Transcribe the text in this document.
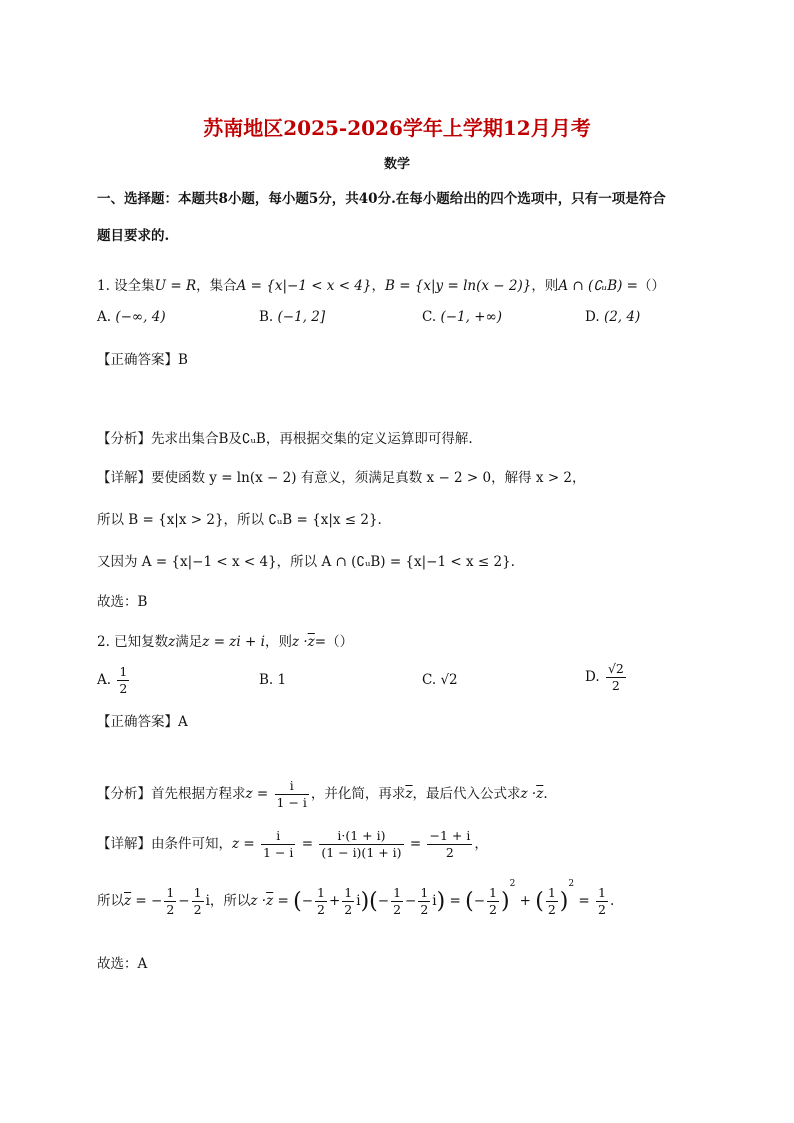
苏南地区2025-2026学年上学期12月月考
数学
一、选择题：本题共8小题，每小题5分，共40分.在每小题给出的四个选项中，只有一项是符合
题目要求的.
1. 设全集U = R，集合A = {x|−1 < x < 4}，B = {x|y = ln(x − 2)}，则A ∩ (∁ᵤB) =（）
A. (−∞, 4)	B. (−1, 2]	C. (−1, +∞)	D. (2, 4)
【正确答案】B
【分析】先求出集合B及∁ᵤB，再根据交集的定义运算即可得解.
【详解】要使函数 y = ln(x − 2) 有意义，须满足真数 x − 2 > 0，解得 x > 2，
所以 B = {x|x > 2}，所以 ∁ᵤB = {x|x ≤ 2}.
又因为 A = {x|−1 < x < 4}，所以 A ∩ (∁ᵤB) = {x|−1 < x ≤ 2}.
故选：B
2. 已知复数z满足z = zi + i，则$z \cdot\overline{z}=()$
A. $\frac{1}{2}$	B. 1	C. √2	D. $\frac{√2}{2}$
【正确答案】A
【分析】首先根据方程求$z = \frac{i}{1 - i}$ ，并化简，再求$\overline{z}$，最后代入公式求$z \cdot\overline{z}$.
【详解】由条件可知，$z = \frac{i}{1 - i} = \frac{i\cdot(1 + i)}{(1 - i)(1 + i)} = \frac{-1 + i}{2}$ ，
所以$\overline{z}$ = − $\frac{1}{2} - \frac{1}{2}$ i，所以$z \cdot\overline{z}$ = (− $\frac{1}{2} + \frac{1}{2} i)(- \frac{1}{2} - \frac{1}{2} i)$ = (− $\frac{1}{2} )^2$ + ( $\frac{1}{2} )^2 = \frac{1}{2}$ .
故选：A
